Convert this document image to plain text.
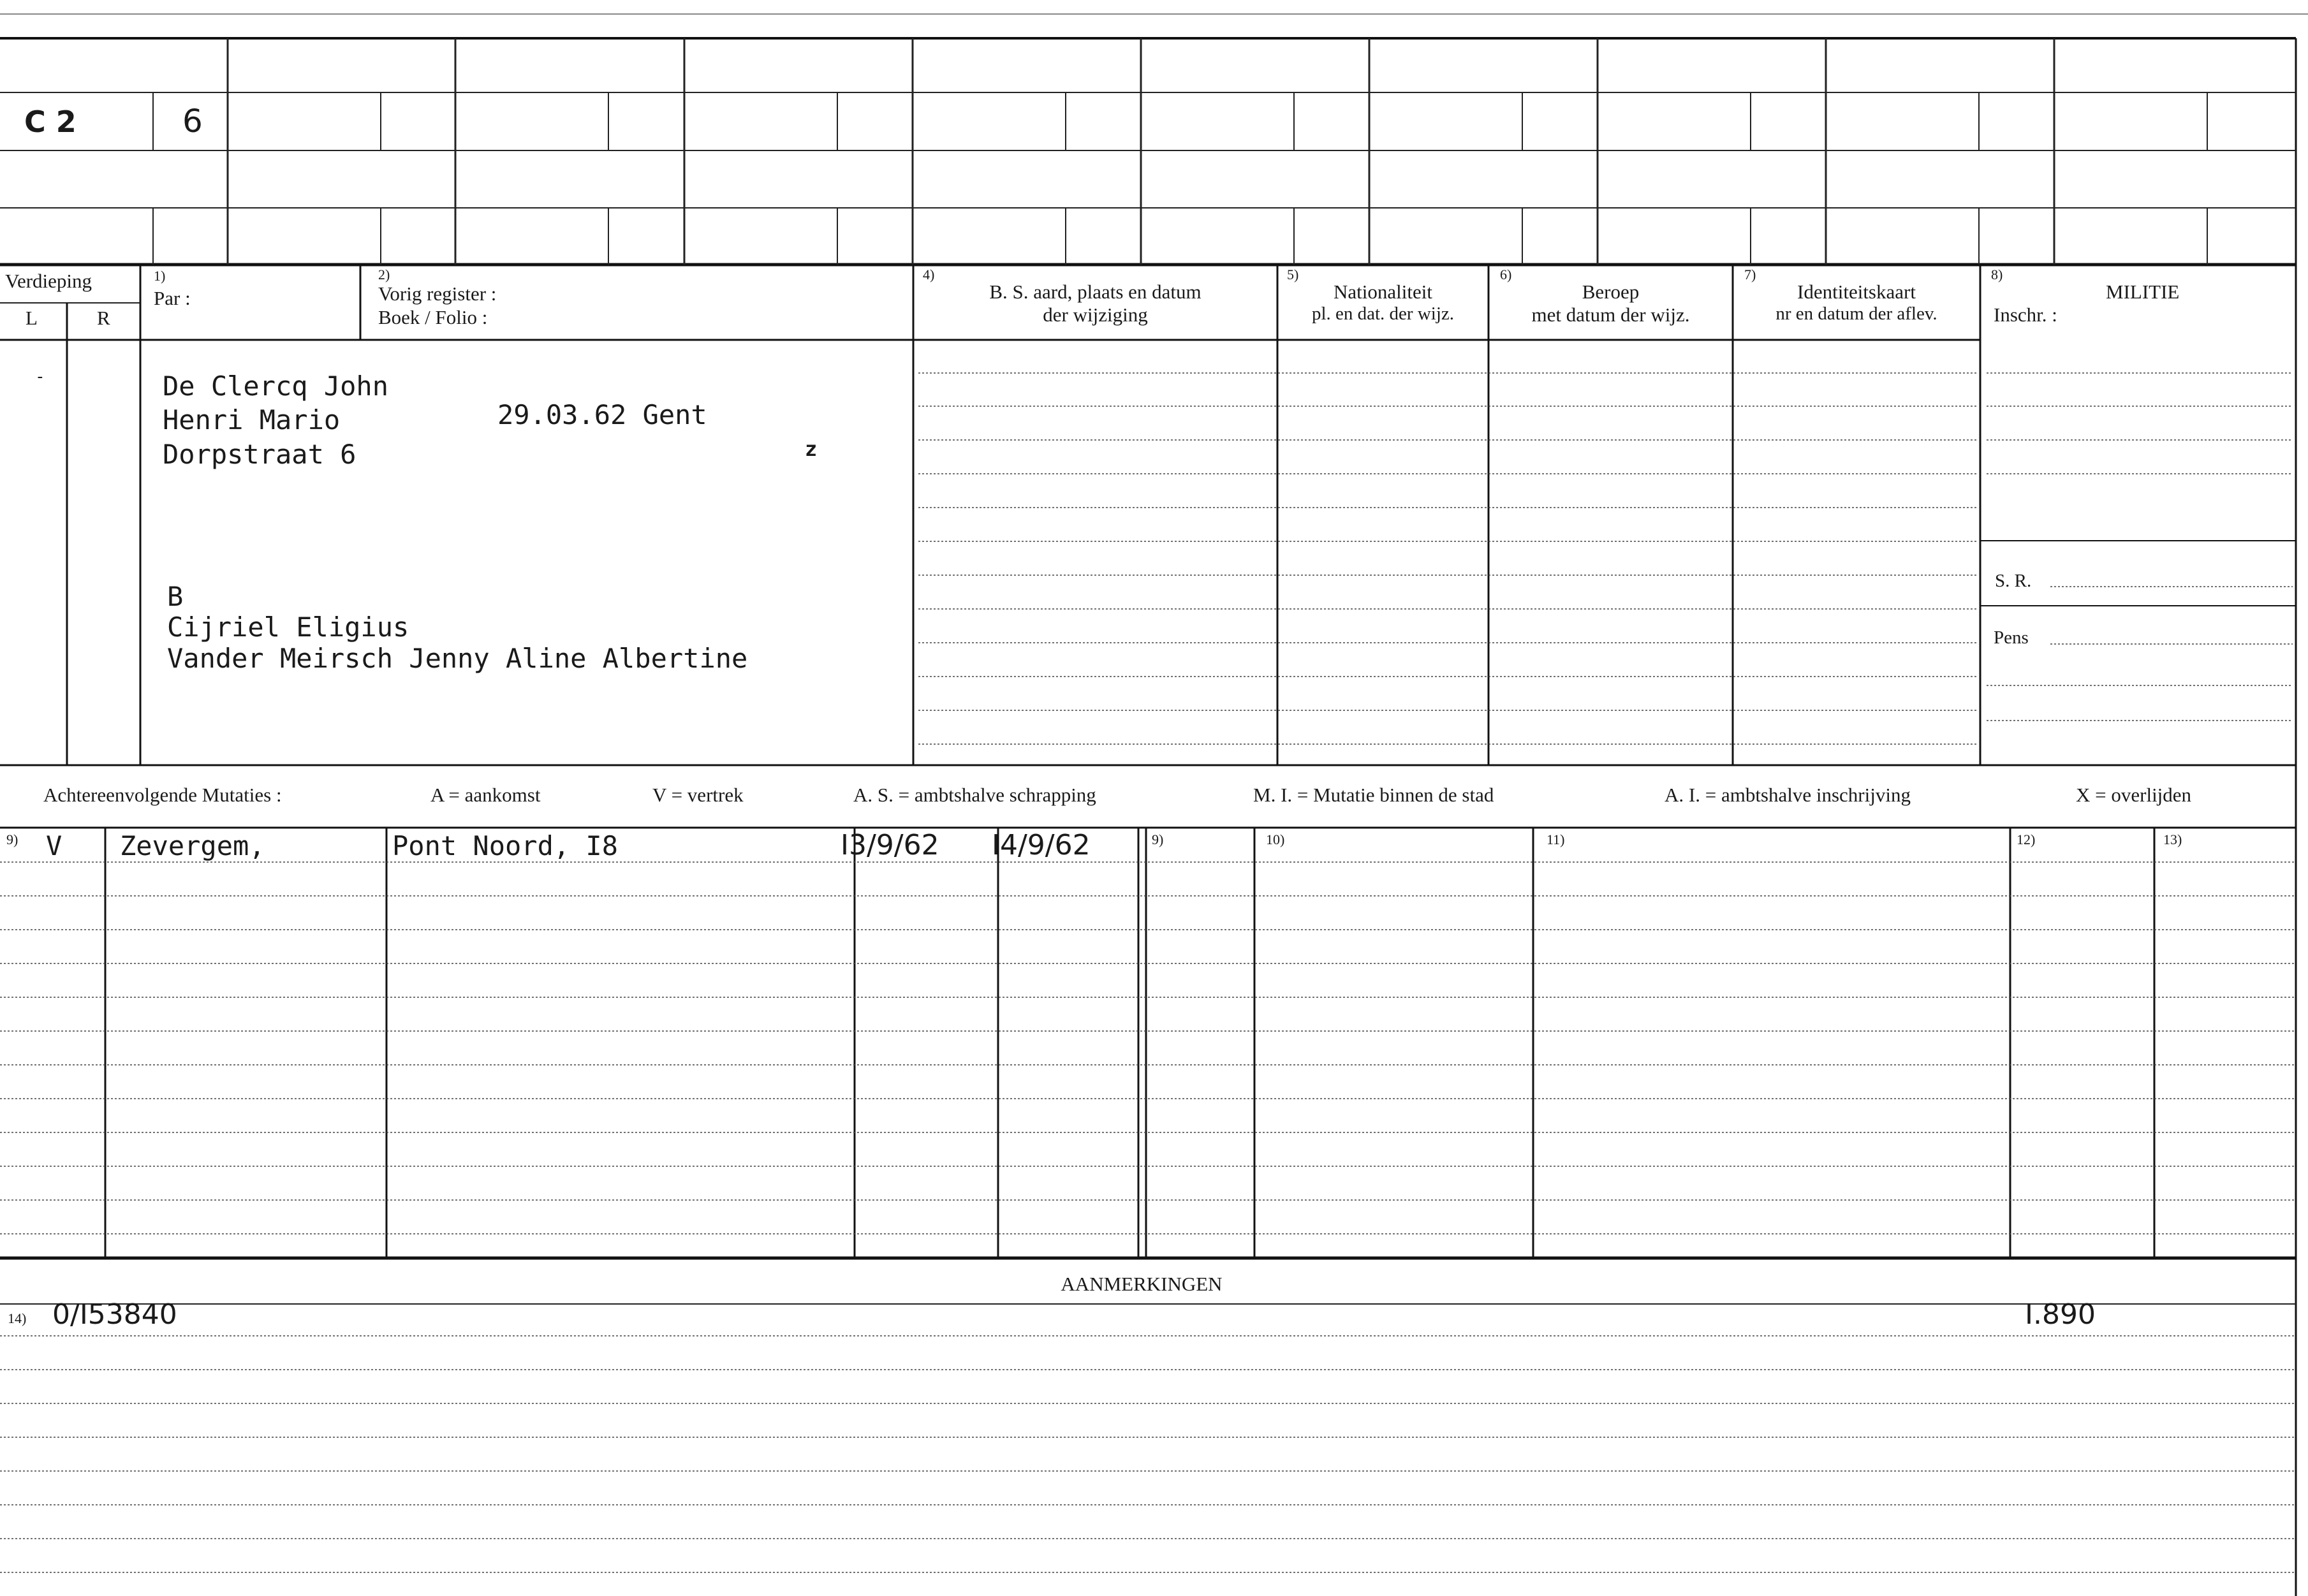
C 2	6
Verdieping
L	R
1)
Par :
2)
Vorig register :
Boek / Folio :
4)
B. S. aard, plaats en datum
der wijziging
5)
Nationaliteit
pl. en dat. der wijz.
6)
Beroep
met datum der wijz.
7)
Identiteitskaart
nr en datum der aflev.
8)
MILITIE
Inschr. :
S. R.
Pens
-	De Clercq John
Henri Mario	29.03.62 Gent
Dorpstraat 6	z
B
Cijriel Eligius
Vander Meirsch Jenny Aline Albertine
Achtereenvolgende Mutaties :	A = aankomst	V = vertrek	A. S. = ambtshalve schrapping	M. I. = Mutatie binnen de stad	A. I. = ambtshalve inschrijving	X = overlijden
9)	9)	10)	11)	12)	13)
V Zevergem,	Pont Noord, I8	I3/9/62 I4/9/62
AANMERKINGEN
14) 0/I53840	I.890
